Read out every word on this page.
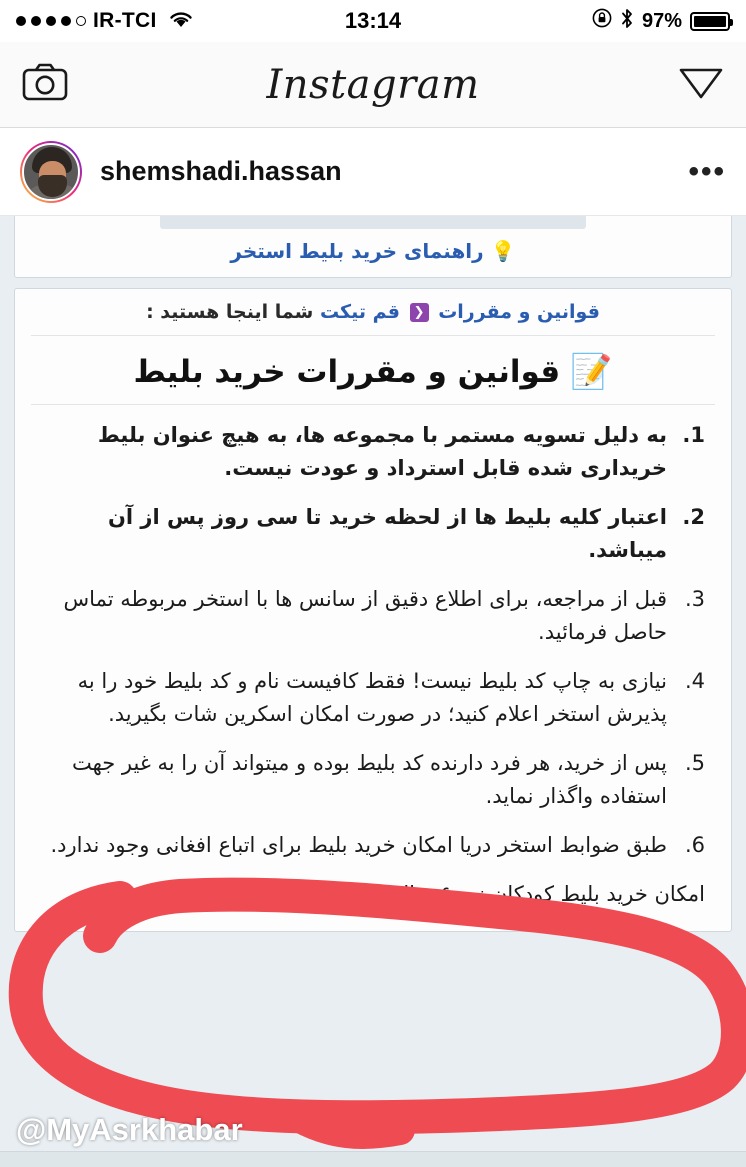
IR-TCI	13:14	97%
Instagram
shemshadi.hassan	•••
💡 راهنمای خرید بلیط استخر
قوانین و مقررات ❮ قم تیکت شما اینجا هستید :
📝
قوانین و مقررات خرید بلیط
به دلیل تسویه مستمر با مجموعه ها، به هیچ عنوان بلیط خریداری شده قابل استرداد و عودت نیست.
اعتبار کلیه بلیط ها از لحظه خرید تا سی روز پس از آن میباشد.
قبل از مراجعه، برای اطلاع دقیق از سانس ها با استخر مربوطه تماس حاصل فرمائید.
نیازی به چاپ کد بلیط نیست! فقط کافیست نام و کد بلیط خود را به پذیرش استخر اعلام کنید؛ در صورت امکان اسکرین شات بگیرید.
پس از خرید، هر فرد دارنده کد بلیط بوده و میتواند آن را به غیر جهت استفاده واگذار نماید.
طبق ضوابط استخر دریا امکان خرید بلیط برای اتباع افغانی وجود ندارد.
امکان خرید بلیط کودکان زیر ۶ سال به استخر یاران
@MyAsrkhabar
